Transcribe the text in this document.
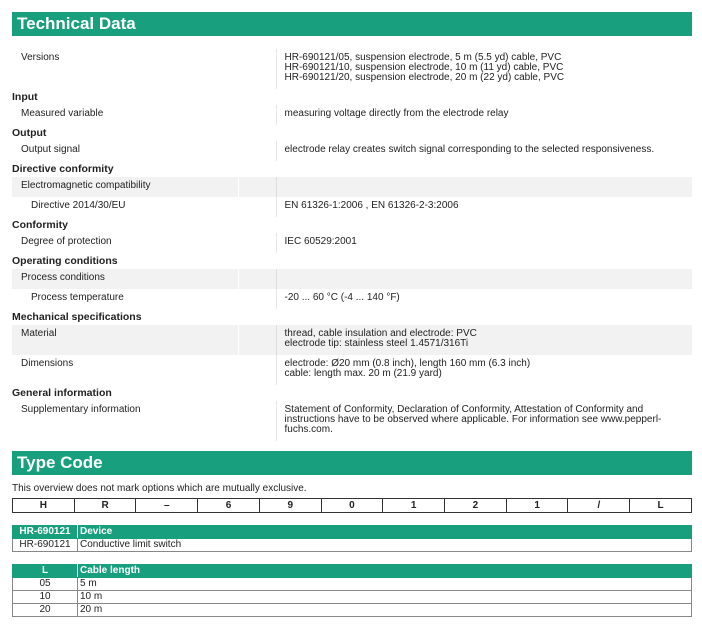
Technical Data
Versions		HR-690121/05, suspension electrode, 5 m (5.5 yd) cable, PVC
HR-690121/10, suspension electrode, 10 m (11 yd) cable, PVC
HR-690121/20, suspension electrode, 20 m (22 yd) cable, PVC

Input		

Measured variable		measuring voltage directly from the electrode relay

Output		

Output signal		electrode relay creates switch signal corresponding to the selected responsiveness.

Directive conformity		

Electromagnetic compatibility		

Directive 2014/30/EU		EN 61326-1:2006 , EN 61326-2-3:2006

Conformity		

Degree of protection		IEC 60529:2001

Operating conditions		

Process conditions		

Process temperature		-20 ... 60 °C (-4 ... 140 °F)

Mechanical specifications		

Material		thread, cable insulation and electrode: PVC
electrode tip: stainless steel 1.4571/316Ti

Dimensions		electrode: Ø20 mm (0.8 inch), length 160 mm (6.3 inch)
cable: length max. 20 m (21.9 yard)

General information		

Supplementary information		Statement of Conformity, Declaration of Conformity, Attestation of Conformity and
instructions have to be observed where applicable. For information see www.pepperl-
fuchs.com.
Type Code
This overview does not mark options which are mutually exclusive.
H	R	–	6	9	0	1	2	1	/	L
HR-690121	Device
HR-690121	Conductive limit switch
L	Cable length
05	5 m
10	10 m
20	20 m
